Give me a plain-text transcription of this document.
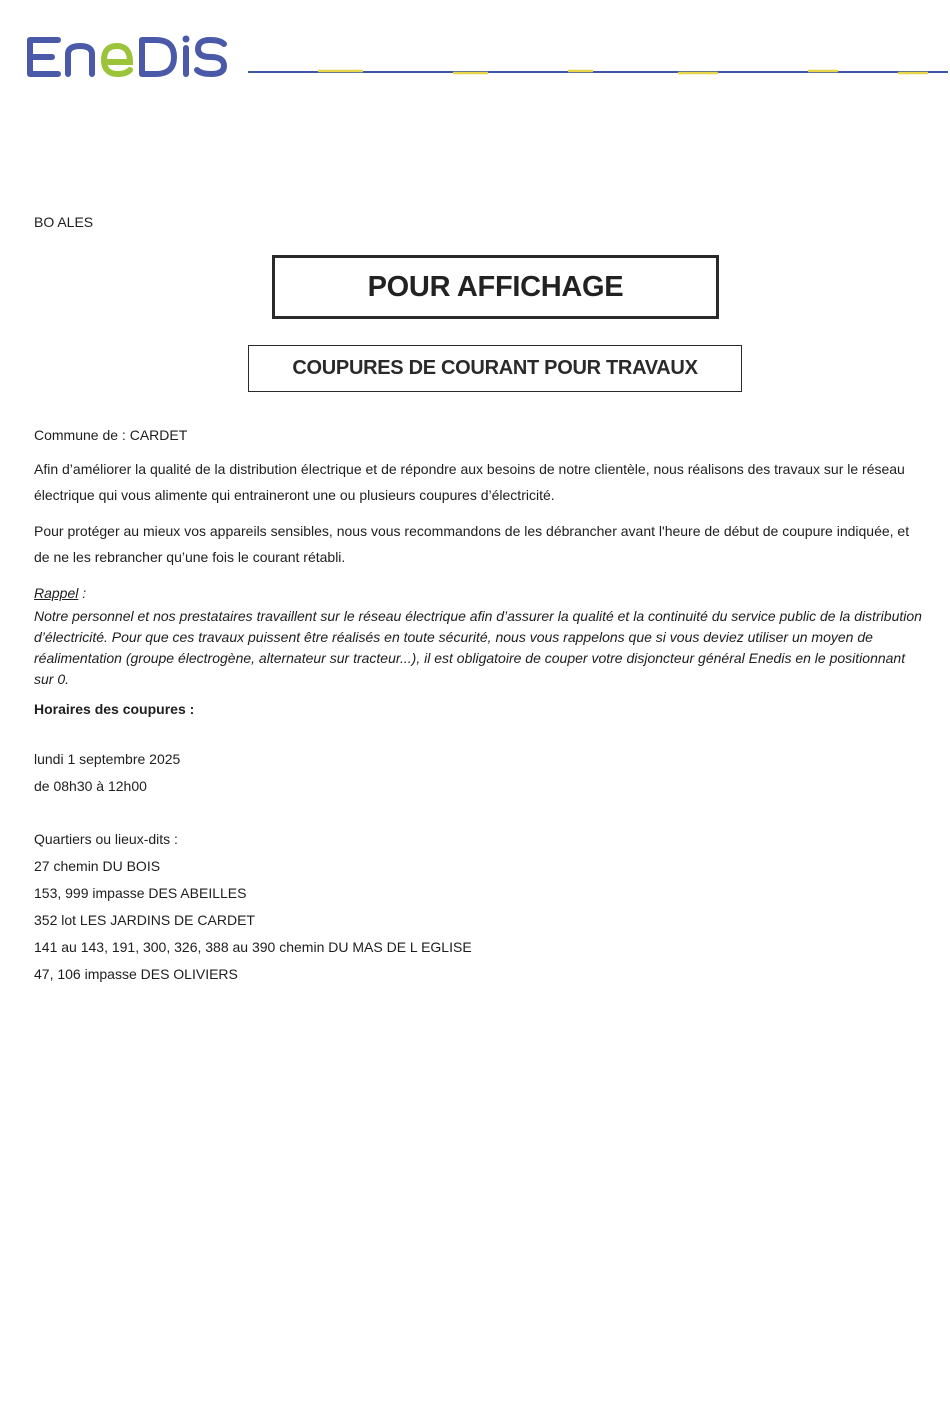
BO ALES
POUR AFFICHAGE
COUPURES DE COURANT POUR TRAVAUX

Commune de : CARDET

Afin d’améliorer la qualité de la distribution électrique et de répondre aux besoins de notre clientèle, nous réalisons des travaux sur le réseau électrique qui vous alimente qui entraineront une ou plusieurs coupures d’électricité.

Pour protéger au mieux vos appareils sensibles, nous vous recommandons de les débrancher avant l'heure de début de coupure indiquée, et de ne les rebrancher qu’une fois le courant rétabli.

Rappel :

Notre personnel et nos prestataires travaillent sur le réseau électrique afin d’assurer la qualité et la continuité du service public de la distribution d’électricité. Pour que ces travaux puissent être réalisés en toute sécurité, nous vous rappelons que si vous deviez utiliser un moyen de réalimentation (groupe électrogène, alternateur sur tracteur...), il est obligatoire de couper votre disjoncteur général Enedis en le positionnant sur 0.

Horaires des coupures :

lundi 1 septembre 2025

de 08h30 à 12h00

Quartiers ou lieux-dits :

27 chemin DU BOIS

153, 999 impasse DES ABEILLES

352 lot LES JARDINS DE CARDET

141 au 143, 191, 300, 326, 388 au 390 chemin DU MAS DE L EGLISE

47, 106 impasse DES OLIVIERS
